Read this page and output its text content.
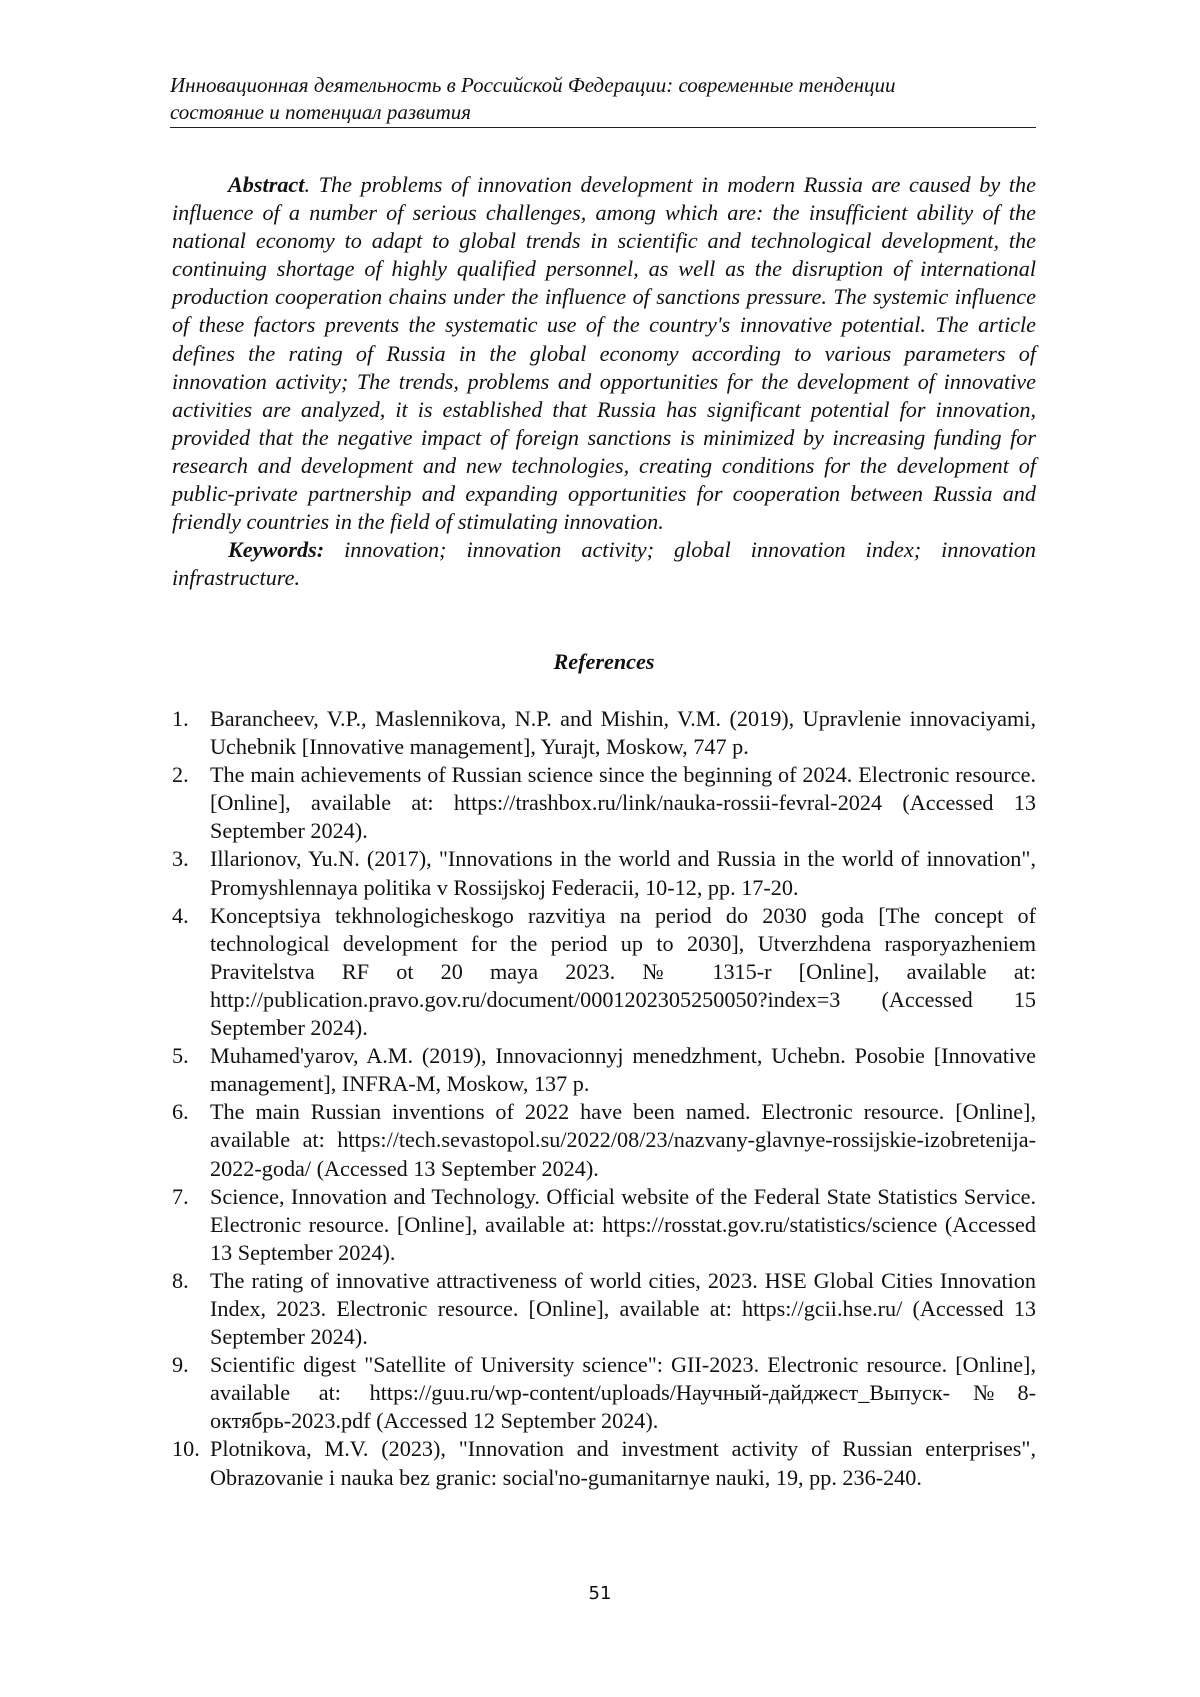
Инновационная деятельность в Российской Федерации: современные тенденции
состояние и потенциал развития

Abstract. The problems of innovation development in modern Russia are caused by the influence of a number of serious challenges, among which are: the insufficient ability of the national economy to adapt to global trends in scientific and technological development, the continuing shortage of highly qualified personnel, as well as the disruption of international production cooperation chains under the influence of sanctions pressure. The systemic influence of these factors prevents the systematic use of the country's innovative potential. The article defines the rating of Russia in the global economy according to various parameters of innovation activity; The trends, problems and opportunities for the development of innovative activities are analyzed, it is established that Russia has significant potential for innovation, provided that the negative impact of foreign sanctions is minimized by increasing funding for research and development and new technologies, creating conditions for the development of public-private partnership and expanding opportunities for cooperation between Russia and friendly countries in the field of stimulating innovation.

Keywords: innovation; innovation activity; global innovation index; innovation infrastructure.

References
1. Barancheev, V.P., Maslennikova, N.P. and Mishin, V.M. (2019), Upravlenie innovaciyami, Uchebnik [Innovative management], Yurajt, Moskow, 747 p.
2. The main achievements of Russian science since the beginning of 2024. Electronic resource. [Online], available at: https://trashbox.ru/link/nauka-rossii-fevral-2024 (Accessed 13 September 2024).
3. Illarionov, Yu.N. (2017), "Innovations in the world and Russia in the world of innovation", Promyshlennaya politika v Rossijskoj Federacii, 10-12, pp. 17-20.
4. Konceptsiya tekhnologicheskogo razvitiya na period do 2030 goda [The concept of technological development for the period up to 2030], Utverzhdena rasporyazheniem Pravitelstva RF ot 20 maya 2023. № 1315-r [Online], available at: http://publication.pravo.gov.ru/document/0001202305250050?index=3 (Accessed 15 September 2024).
5. Muhamed'yarov, A.M. (2019), Innovacionnyj menedzhment, Uchebn. Posobie [Innovative management], INFRA-M, Moskow, 137 p.
6. The main Russian inventions of 2022 have been named. Electronic resource. [Online], available at: https://tech.sevastopol.su/2022/08/23/nazvany-glavnye-rossijskie-izobretenija-2022-goda/ (Accessed 13 September 2024).
7. Science, Innovation and Technology. Official website of the Federal State Statistics Service. Electronic resource. [Online], available at: https://rosstat.gov.ru/statistics/science (Accessed 13 September 2024).
8. The rating of innovative attractiveness of world cities, 2023. HSE Global Cities Innovation Index, 2023. Electronic resource. [Online], available at: https://gcii.hse.ru/ (Accessed 13 September 2024).
9. Scientific digest "Satellite of University science": GII-2023. Electronic resource. [Online], available at: https://guu.ru/wp-content/uploads/Научный-дайджест_Выпуск-№8-октябрь-2023.pdf (Accessed 12 September 2024).
10. Plotnikova, M.V. (2023), "Innovation and investment activity of Russian enterprises", Obrazovanie i nauka bez granic: social'no-gumanitarnye nauki, 19, pp. 236-240.
51
